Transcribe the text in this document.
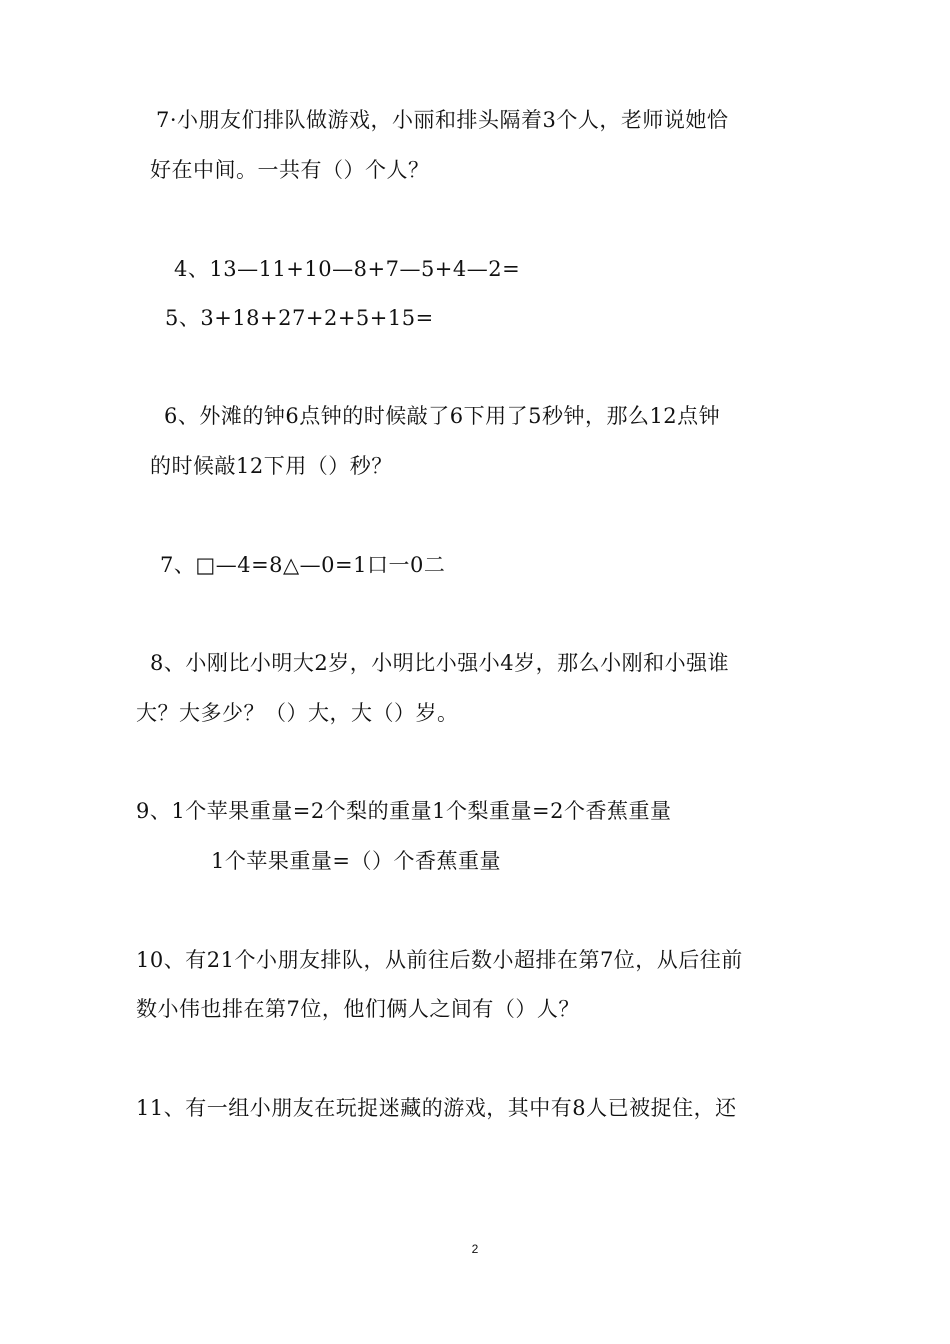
7·小朋友们排队做游戏，小丽和排头隔着3个人，老师说她恰
好在中间。一共有（）个人？
4、13—11+10—8+7—5+4—2=
5、3+18+27+2+5+15=
6、外滩的钟6点钟的时候敲了6下用了5秒钟，那么12点钟
的时候敲12下用（）秒？
7、□—4=8△—0=1口一0二
8、小刚比小明大2岁，小明比小强小4岁，那么小刚和小强谁
大？大多少？（）大，大（）岁。
9、1个苹果重量=2个梨的重量1个梨重量=2个香蕉重量
1个苹果重量=（）个香蕉重量
10、有21个小朋友排队，从前往后数小超排在第7位，从后往前
数小伟也排在第7位，他们俩人之间有（）人？
11、有一组小朋友在玩捉迷藏的游戏，其中有8人已被捉住，还
2
